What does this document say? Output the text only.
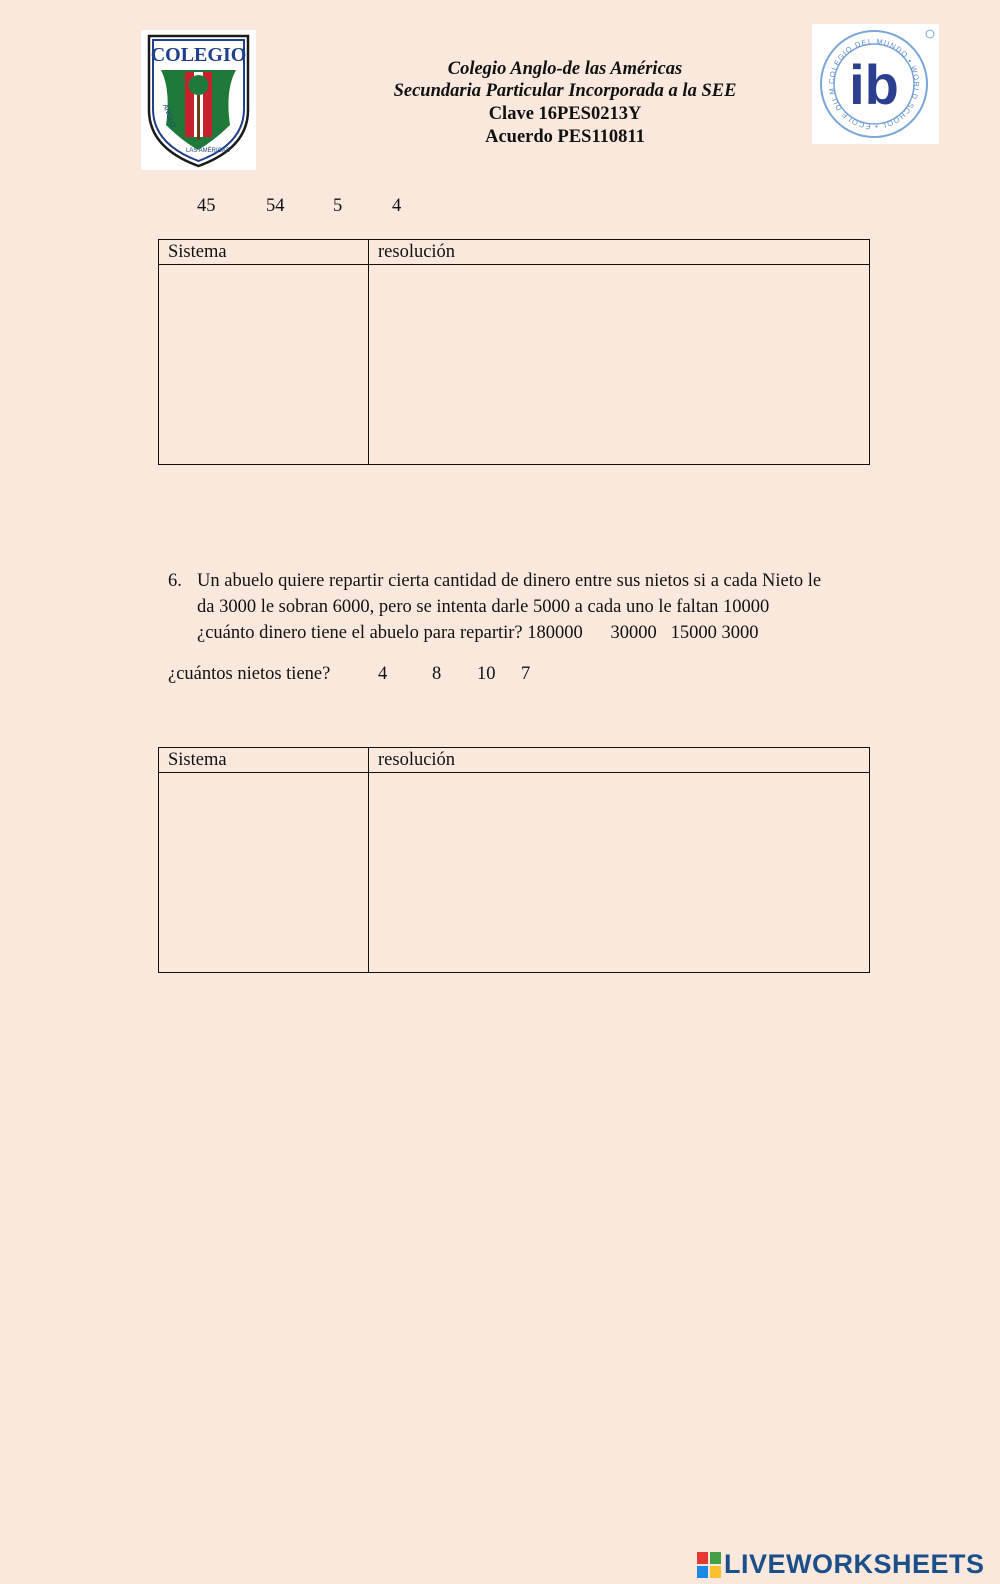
COLEGIO
ANGLO
LAS AMÉRICAS
Colegio Anglo-de las Américas
Secundaria Particular Incorporada a la SEE
Clave 16PES0213Y
Acuerdo PES110811
COLEGIO DEL MUNDO • WORLD SCHOOL • ÉCOLE DU M ib
45	54	5	4
Sistema	resolución
6. Un abuelo quiere repartir cierta cantidad de dinero entre sus nietos si a cada Nieto le
da 3000 le sobran 6000, pero se intenta darle 5000 a cada uno le faltan 10000
¿cuánto dinero tiene el abuelo para repartir? 180000      30000   15000 3000
¿cuántos nietos tiene?	4 8 10 7
Sistema	resolución
LIVEWORKSHEETS
